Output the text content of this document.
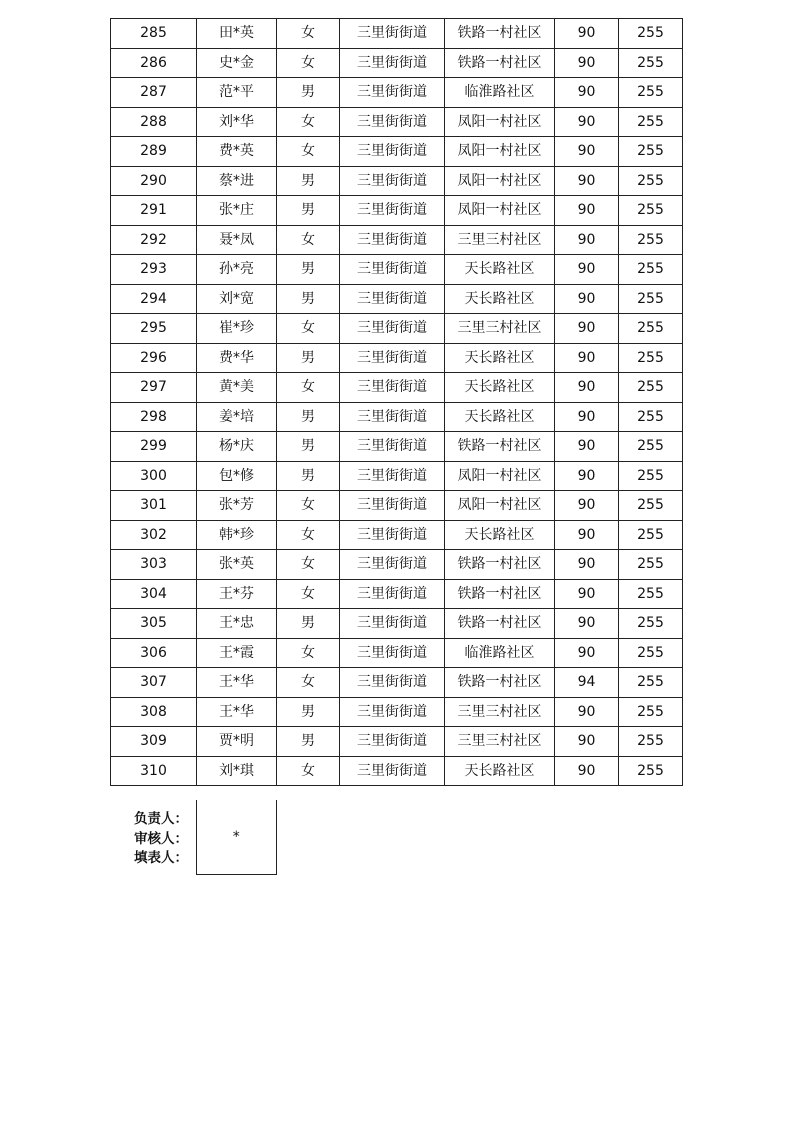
285	田*英	女	三里街街道	铁路一村社区	90	255
286	史*金	女	三里街街道	铁路一村社区	90	255
287	范*平	男	三里街街道	临淮路社区	90	255
288	刘*华	女	三里街街道	凤阳一村社区	90	255
289	费*英	女	三里街街道	凤阳一村社区	90	255
290	蔡*进	男	三里街街道	凤阳一村社区	90	255
291	张*庄	男	三里街街道	凤阳一村社区	90	255
292	聂*凤	女	三里街街道	三里三村社区	90	255
293	孙*亮	男	三里街街道	天长路社区	90	255
294	刘*宽	男	三里街街道	天长路社区	90	255
295	崔*珍	女	三里街街道	三里三村社区	90	255
296	费*华	男	三里街街道	天长路社区	90	255
297	黄*美	女	三里街街道	天长路社区	90	255
298	姜*培	男	三里街街道	天长路社区	90	255
299	杨*庆	男	三里街街道	铁路一村社区	90	255
300	包*修	男	三里街街道	凤阳一村社区	90	255
301	张*芳	女	三里街街道	凤阳一村社区	90	255
302	韩*珍	女	三里街街道	天长路社区	90	255
303	张*英	女	三里街街道	铁路一村社区	90	255
304	王*芬	女	三里街街道	铁路一村社区	90	255
305	王*忠	男	三里街街道	铁路一村社区	90	255
306	王*霞	女	三里街街道	临淮路社区	90	255
307	王*华	女	三里街街道	铁路一村社区	94	255
308	王*华	男	三里街街道	三里三村社区	90	255
309	贾*明	男	三里街街道	三里三村社区	90	255
310	刘*琪	女	三里街街道	天长路社区	90	255
负责人：
审核人：
填表人：
*
